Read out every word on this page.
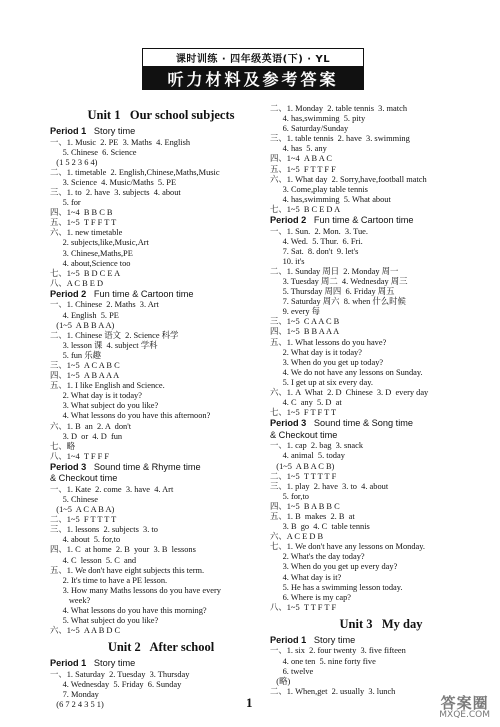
课时训练 · 四年级英语(下) · YL
听力材料及参考答案
Unit 1   Our school subjects
Period 1   Story time
一、1. Music  2. PE  3. Maths  4. English
5. Chinese  6. Science
(1 5 2 3 6 4)
二、1. timetable  2. English,Chinese,Maths,Music
3. Science  4. Music/Maths  5. PE
三、1. to  2. have  3. subjects  4. about
5. for
四、1~4  B B C B
五、1~5  T F F T T
六、1. new timetable
2. subjects,like,Music,Art
3. Chinese,Maths,PE
4. about,Science too
七、1~5  B D C E A
八、A C B E D
Period 2   Fun time & Cartoon time
一、1. Chinese  2. Maths  3. Art
4. English  5. PE
(1~5  A B B A A)
二、1. Chinese 语文  2. Science 科学
3. lesson 课  4. subject 学科
5. fun 乐趣
三、1~5  A C A B C
四、1~5  A B A A A
五、1. I like English and Science.
2. What day is it today?
3. What subject do you like?
4. What lessons do you have this afternoon?
六、1. B  an  2. A  don't
3. D  or  4. D  fun
七、略
八、1~4  T F F F
Period 3   Sound time & Rhyme time
& Checkout time
一、1. Kate  2. come  3. have  4. Art
5. Chinese
(1~5  A C A B A)
二、1~5  F T T T T
三、1. lessons  2. subjects  3. to
4. about  5. for,to
四、1. C  at home  2. B  your  3. B  lessons
4. C  lesson  5. C  and
五、1. We don't have eight subjects this term.
2. It's time to have a PE lesson.
3. How many Maths lessons do you have every
week?
4. What lessons do you have this morning?
5. What subject do you like?
六、1~5  A A B D C
Unit 2   After school
Period 1   Story time
一、1. Saturday  2. Tuesday  3. Thursday
4. Wednesday  5. Friday  6. Sunday
7. Monday
(6 7 2 4 3 5 1)
二、1. Monday  2. table tennis  3. match
4. has,swimming  5. pity
6. Saturday/Sunday
三、1. table tennis  2. have  3. swimming
4. has  5. any
四、1~4  A B A C
五、1~5  F T T F F
六、1. What day  2. Sorry,have,football match
3. Come,play table tennis
4. has,swimming  5. What about
七、1~5  B C E D A
Period 2   Fun time & Cartoon time
一、1. Sun.  2. Mon.  3. Tue.
4. Wed.  5. Thur.  6. Fri.
7. Sat.  8. don't  9. let's
10. it's
二、1. Sunday 周日  2. Monday 周一
3. Tuesday 周二  4. Wednesday 周三
5. Thursday 周四  6. Friday 周五
7. Saturday 周六  8. when 什么时候
9. every 每
三、1~5  C A A C B
四、1~5  B B A A A
五、1. What lessons do you have?
2. What day is it today?
3. When do you get up today?
4. We do not have any lessons on Sunday.
5. I get up at six every day.
六、1. A  What  2. D  Chinese  3. D  every day
4. C  any  5. D  at
七、1~5  F T F T T
Period 3   Sound time & Song time
& Checkout time
一、1. cap  2. bag  3. snack
4. animal  5. today
(1~5  A B A C B)
二、1~5  T T T T F
三、1. play  2. have  3. to  4. about
5. for,to
四、1~5  B A B B C
五、1. B  makes  2. B  at
3. B  go  4. C  table tennis
六、A C E D B
七、1. We don't have any lessons on Monday.
2. What's the day today?
3. When do you get up every day?
4. What day is it?
5. He has a swimming lesson today.
6. Where is my cap?
八、1~5  T T F T F
Unit 3   My day
Period 1   Story time
一、1. six  2. four twenty  3. five fifteen
4. one ten  5. nine forty five
6. twelve
(略)
二、1. When,get  2. usually  3. lunch
1	答案圈
MXQE.COM
